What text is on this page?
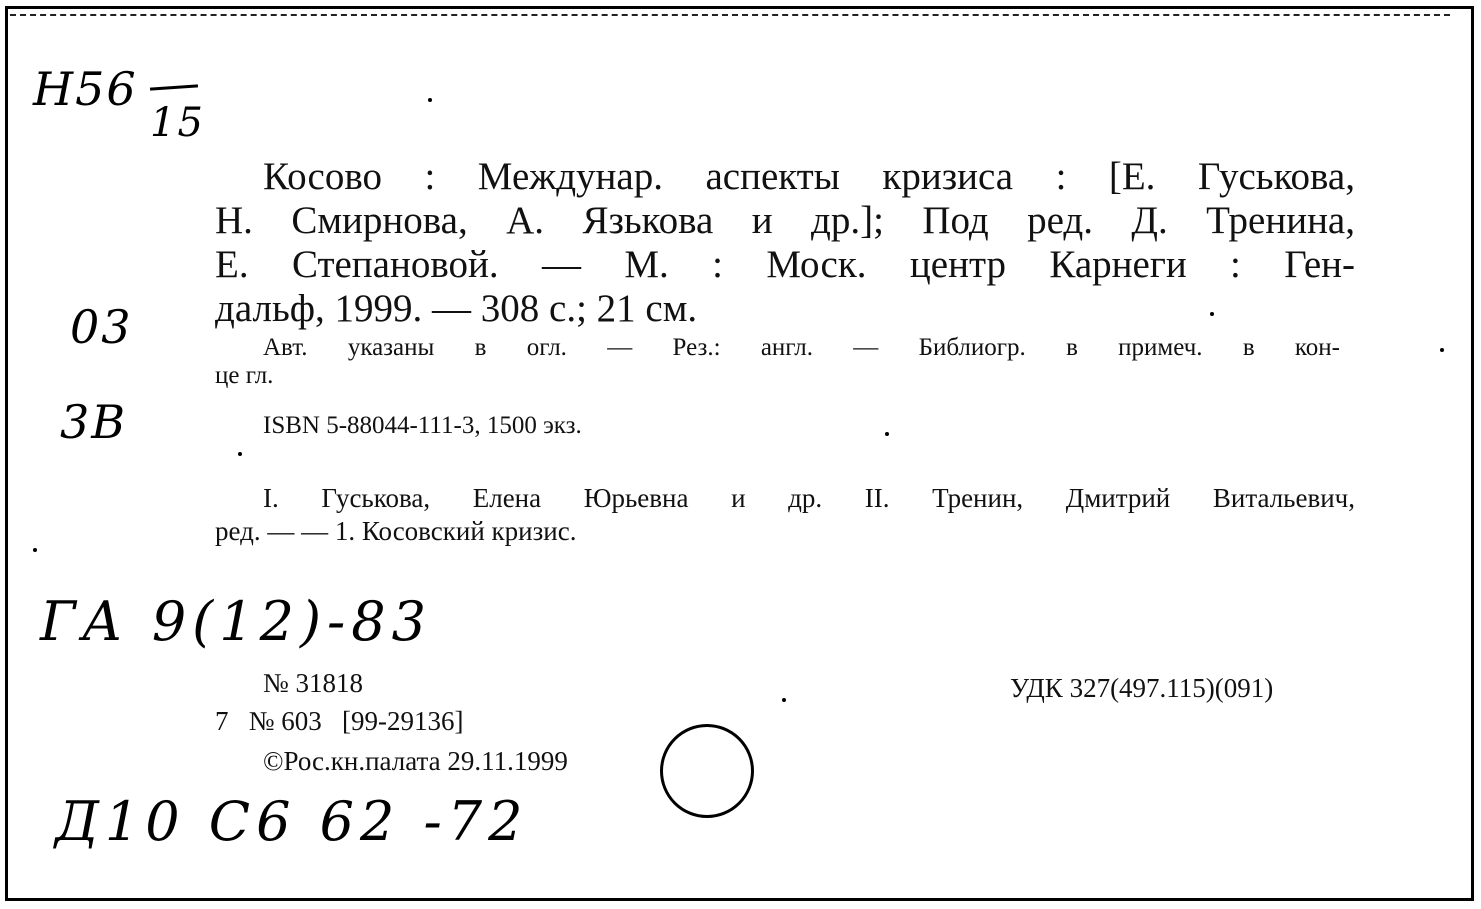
Н56
15
03
3В
ГА 9(12)-83
Д10 С6 62 -72
Косово : Междунар. аспекты кризиса : [Е. Гуськова,
Н. Смирнова, А. Язькова и др.]; Под ред. Д. Тренина,
Е. Степановой. — М. : Моск. центр Карнеги : Ген-
дальф, 1999. — 308 с.; 21 см.
Авт. указаны в огл. — Рез.: англ. — Библиогр. в примеч. в кон-
це гл.
ISBN 5-88044-111-3, 1500 экз.
I. Гуськова, Елена Юрьевна и др. II. Тренин, Дмитрий Витальевич,
ред. — — 1. Косовский кризис.
№ 31818
7   № 603   [99-29136]
©Рос.кн.палата 29.11.1999
УДК 327(497.115)(091)
